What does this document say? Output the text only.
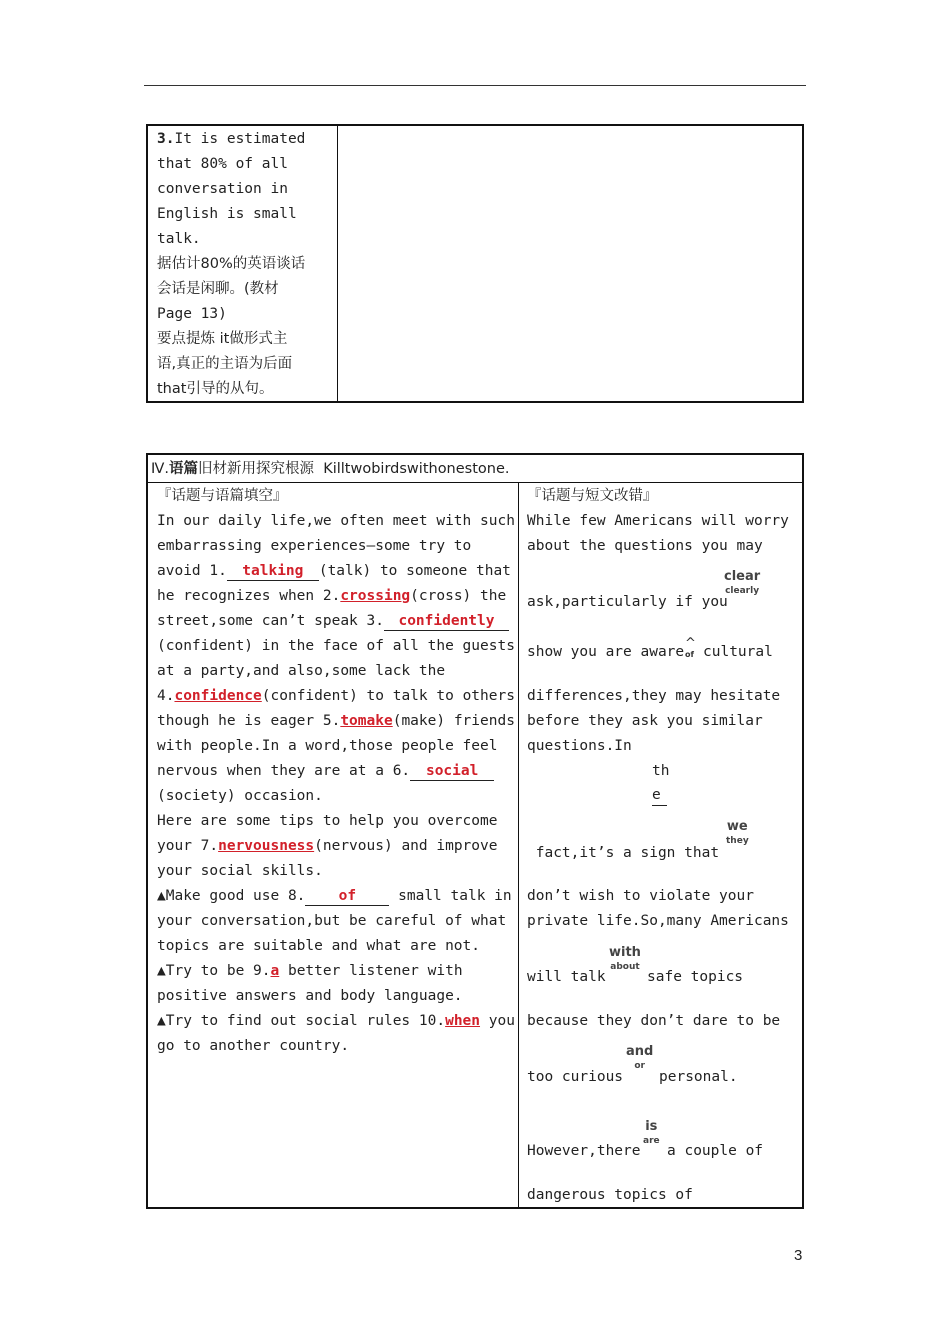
3.It is estimated
that 80% of all
conversation in
English is small
talk.
据估计80%的英语谈话
会话是闲聊。(教材
Page 13)
要点提炼 it做形式主
语,真正的主语为后面
that引导的从句。
Ⅳ.语篇旧材新用探究根源  Killtwobirdswithonestone.
『话题与语篇填空』
In our daily life,we often meet with such
embarrassing experiences—some try to
avoid 1. talking (talk) to someone that
he recognizes when 2.crossing(cross) the
street,some can’t speak 3. confidently
(confident) in the face of all the guests
at a party,and also,some lack the
4.confidence(confident) to talk to others
though he is eager 5.tomake(make) friends
with people.In a word,those people feel
nervous when they are at a 6. social
(society) occasion.
Here are some tips to help you overcome
your 7.nervousness(nervous) and improve
your social skills.
▲Make good use 8. of small talk in
your conversation,but be careful of what
topics are suitable and what are not.
▲Try to be 9.a better listener with
positive answers and body language.
▲Try to find out social rules 10.when you
go to another country.
『话题与短文改错』
While few Americans will worry
about the questions you may
ask,particularly if you
clear
clearly
show you are aware
^
of cultural
differences,they may hesitate
before they ask you similar
questions.In
th
e
fact,it’s a sign that
we
they
don’t wish to violate your
private life.So,many Americans
will talk
with
about
safe topics
because they don’t dare to be
too curious
and
or
personal.
However,there
is
are
a couple of
dangerous topics of
3
